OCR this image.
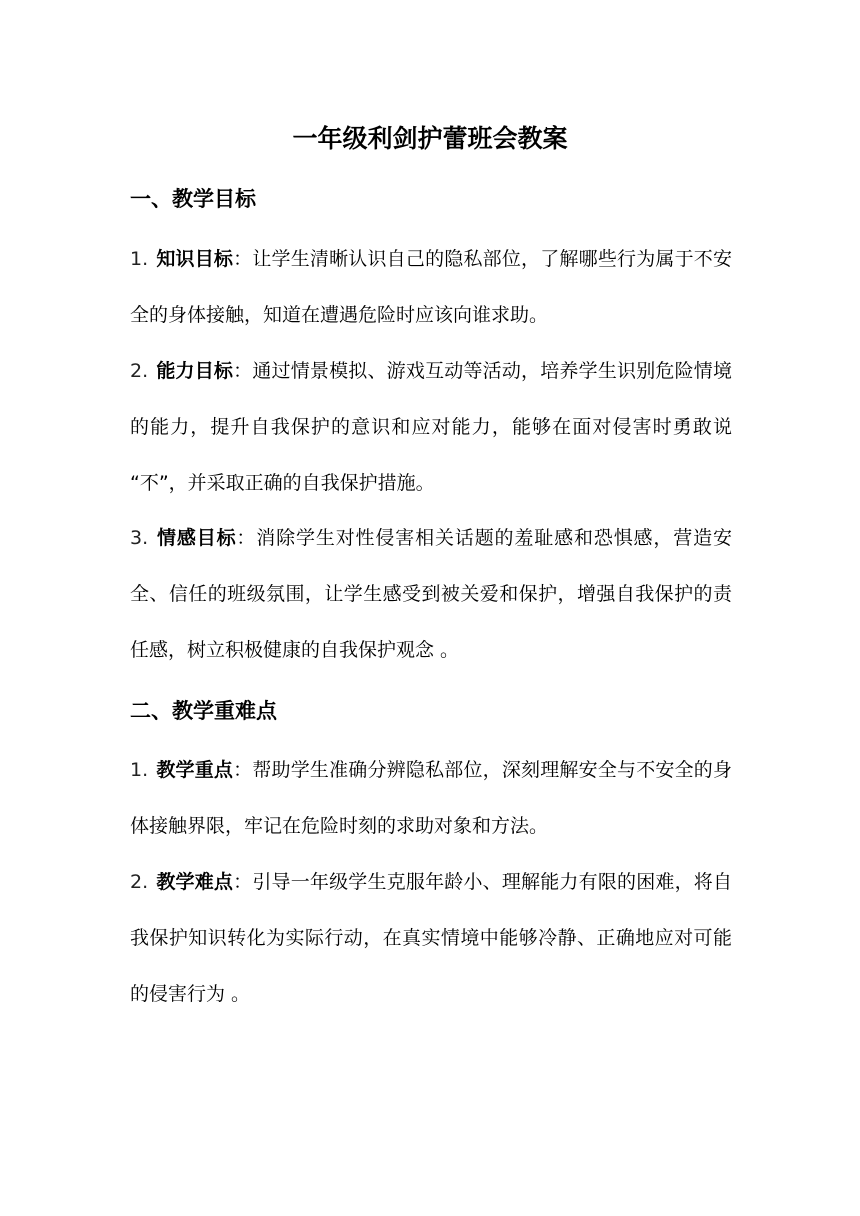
一年级利剑护蕾班会教案
一、教学目标

1. 知识目标：让学生清晰认识自己的隐私部位，了解哪些行为属于不安全的身体接触，知道在遭遇危险时应该向谁求助。

2. 能力目标：通过情景模拟、游戏互动等活动，培养学生识别危险情境的能力，提升自我保护的意识和应对能力，能够在面对侵害时勇敢说 “不”，并采取正确的自我保护措施。

3. 情感目标：消除学生对性侵害相关话题的羞耻感和恐惧感，营造安全、信任的班级氛围，让学生感受到被关爱和保护，增强自我保护的责任感，树立积极健康的自我保护观念 。

二、教学重难点

1. 教学重点：帮助学生准确分辨隐私部位，深刻理解安全与不安全的身体接触界限，牢记在危险时刻的求助对象和方法。

2. 教学难点：引导一年级学生克服年龄小、理解能力有限的困难，将自我保护知识转化为实际行动，在真实情境中能够冷静、正确地应对可能的侵害行为 。
